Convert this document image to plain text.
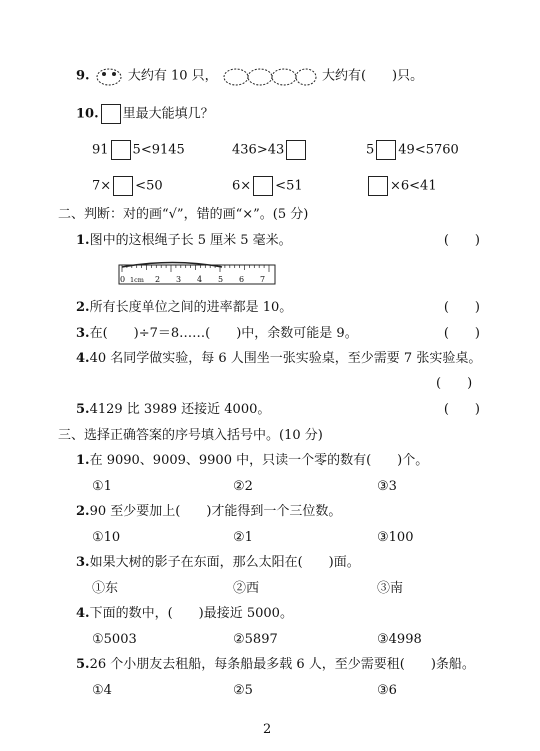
9.	大约有 10 只，	大约有(　　)只。
10. 里最大能填几？
91 5<9145	436>43	5 49<5760
7× <50	6× <51	×6<41
二、判断：对的画“√”，错的画“×”。(5 分)
1.图中的这根绳子长 5 厘米 5 毫米。	(　　)
0 1cm 2 3 4 5 6 7
2.所有长度单位之间的进率都是 10。	(　　)
3.在(　　)÷7＝8……(　　)中，余数可能是 9。	(　　)
4.40 名同学做实验，每 6 人围坐一张实验桌，至少需要 7 张实验桌。
(　　)
5.4129 比 3989 还接近 4000。	(　　)
三、选择正确答案的序号填入括号中。(10 分)
1.在 9090、9009、9900 中，只读一个零的数有(　　)个。
①1	②2	③3
2.90 至少要加上(　　)才能得到一个三位数。
①10	②1	③100
3.如果大树的影子在东面，那么太阳在(　　)面。
①东	②西	③南
4.下面的数中，(　　)最接近 5000。
①5003	②5897	③4998
5.26 个小朋友去租船，每条船最多载 6 人，至少需要租(　　)条船。
①4	②5	③6
2
